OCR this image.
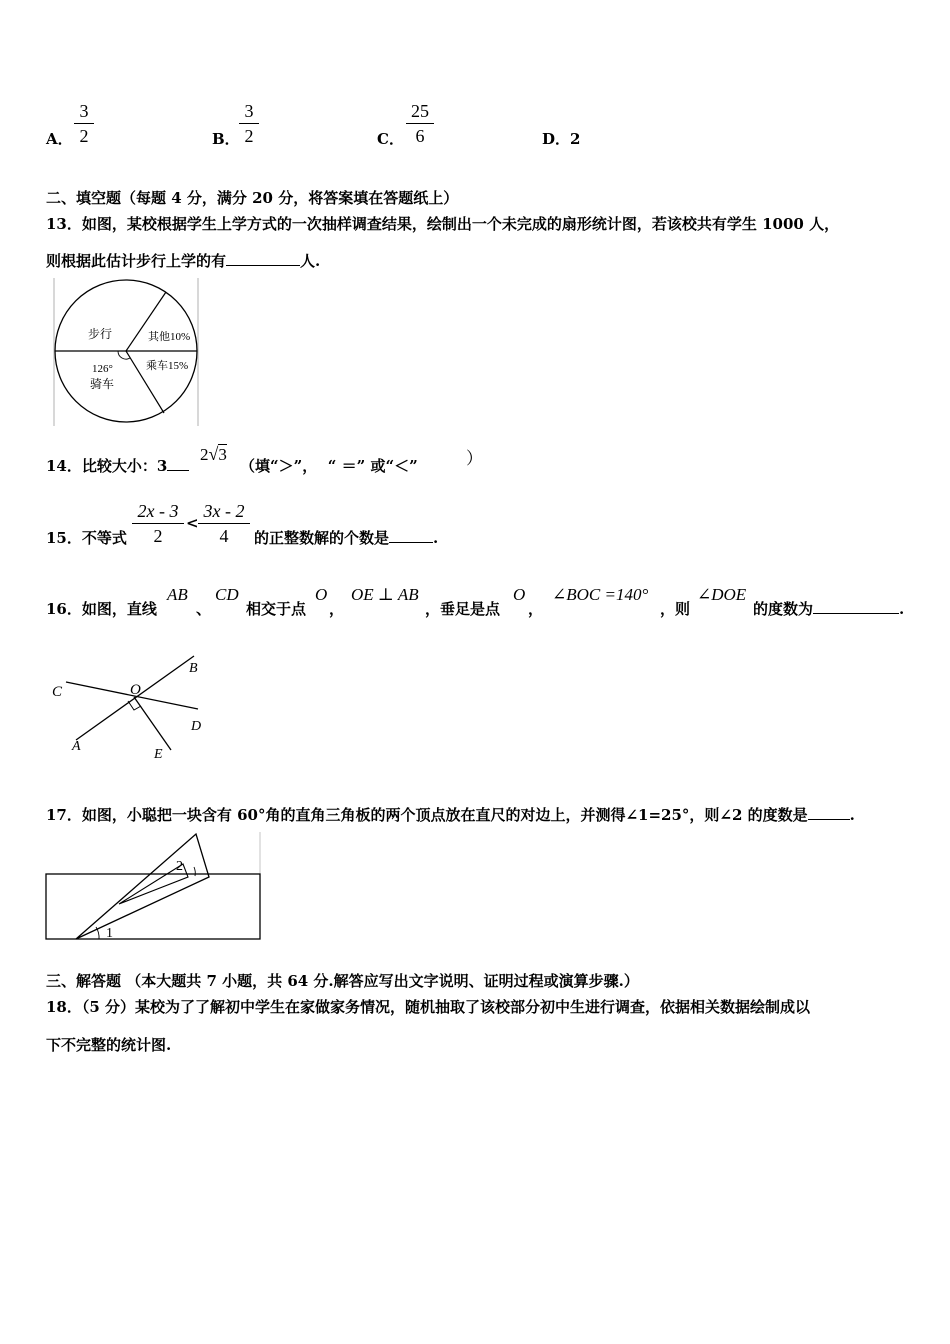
A．
3
2	B．
3
2	C．
25
6	D．2
二、填空题（每题 4 分，满分 20 分，将答案填在答题纸上）
13．如图，某校根据学生上学方式的一次抽样调查结果，绘制出一个未完成的扇形统计图，若该校共有学生 1000 人，
则根据此估计步行上学的有	人.
步行	其他10%
乘车15%
126°
骑车
14．比较大小：3
2√3
（填“＞”， “ ＝” 或“＜”	）
15．不等式
2x - 3
2
<
3x - 2
4	的正整数解的个数是	.
16．如图，直线
AB
、
CD
相交于点
O
，
OE ⊥ AB
，垂足是点
O
，
∠BOC =140°
，则
∠DOE
的度数为	.
C	O
B
D
A
E
17．如图，小聪把一块含有 60°角的直角三角板的两个顶点放在直尺的对边上，并测得∠1=25°，则∠2 的度数是	.
2
1
三、解答题 （本大题共 7 小题，共 64 分.解答应写出文字说明、证明过程或演算步骤.）
18．（5 分）某校为了了解初中学生在家做家务情况，随机抽取了该校部分初中生进行调查，依据相关数据绘制成以
下不完整的统计图.
